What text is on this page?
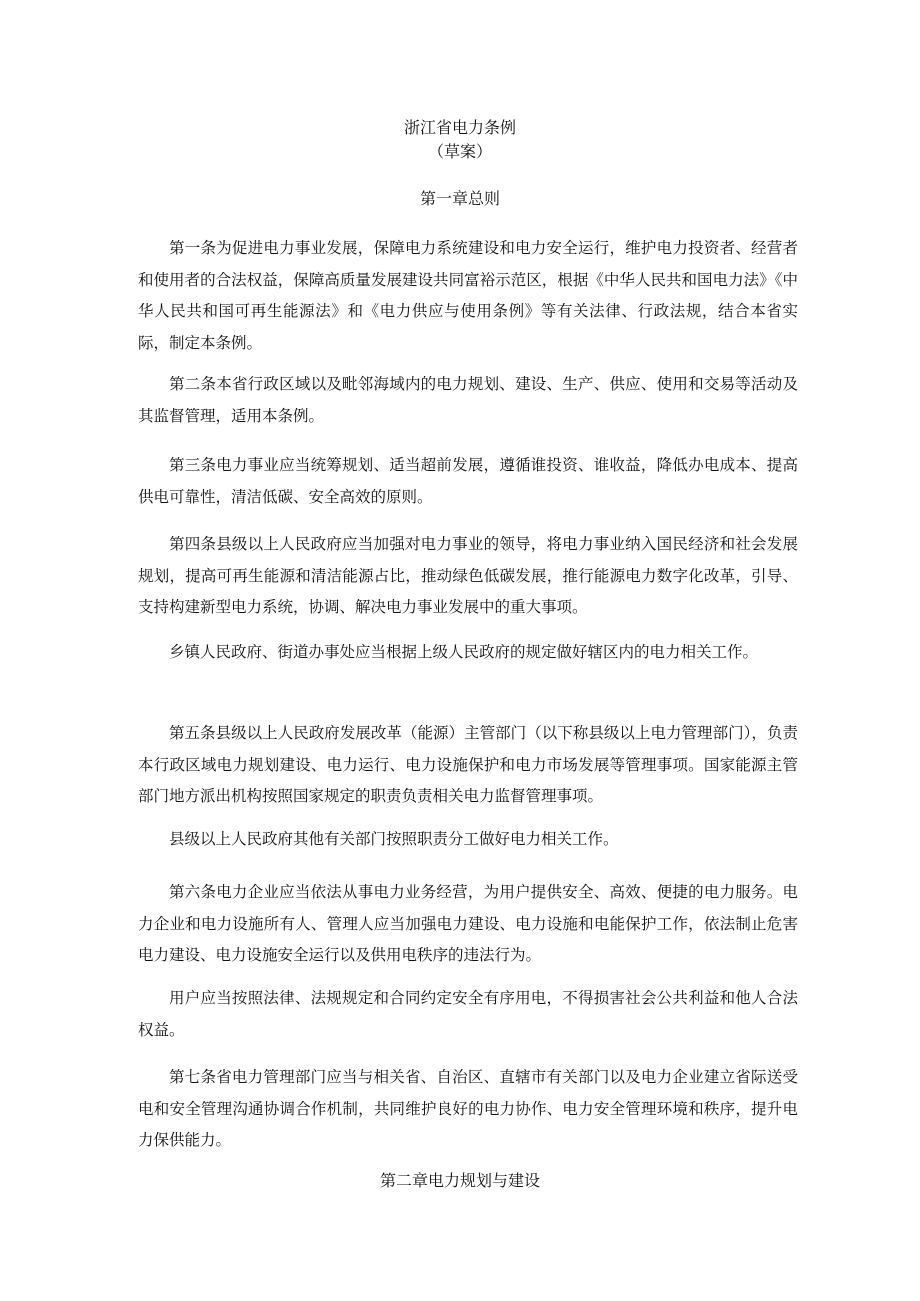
浙江省电力条例
（草案）
第一章总则

第一条为促进电力事业发展，保障电力系统建设和电力安全运行，维护电力投资者、经营者和使用者的合法权益，保障高质量发展建设共同富裕示范区，根据《中华人民共和国电力法》《中华人民共和国可再生能源法》和《电力供应与使用条例》等有关法律、行政法规，结合本省实际，制定本条例。

第二条本省行政区域以及毗邻海域内的电力规划、建设、生产、供应、使用和交易等活动及其监督管理，适用本条例。

第三条电力事业应当统筹规划、适当超前发展，遵循谁投资、谁收益，降低办电成本、提高供电可靠性，清洁低碳、安全高效的原则。

第四条县级以上人民政府应当加强对电力事业的领导，将电力事业纳入国民经济和社会发展规划，提高可再生能源和清洁能源占比，推动绿色低碳发展，推行能源电力数字化改革，引导、支持构建新型电力系统，协调、解决电力事业发展中的重大事项。

乡镇人民政府、街道办事处应当根据上级人民政府的规定做好辖区内的电力相关工作。

第五条县级以上人民政府发展改革（能源）主管部门（以下称县级以上电力管理部门），负责本行政区域电力规划建设、电力运行、电力设施保护和电力市场发展等管理事项。国家能源主管部门地方派出机构按照国家规定的职责负责相关电力监督管理事项。

县级以上人民政府其他有关部门按照职责分工做好电力相关工作。

第六条电力企业应当依法从事电力业务经营，为用户提供安全、高效、便捷的电力服务。电力企业和电力设施所有人、管理人应当加强电力建设、电力设施和电能保护工作，依法制止危害电力建设、电力设施安全运行以及供用电秩序的违法行为。

用户应当按照法律、法规规定和合同约定安全有序用电，不得损害社会公共利益和他人合法权益。

第七条省电力管理部门应当与相关省、自治区、直辖市有关部门以及电力企业建立省际送受电和安全管理沟通协调合作机制，共同维护良好的电力协作、电力安全管理环境和秩序，提升电力保供能力。

第二章电力规划与建设
